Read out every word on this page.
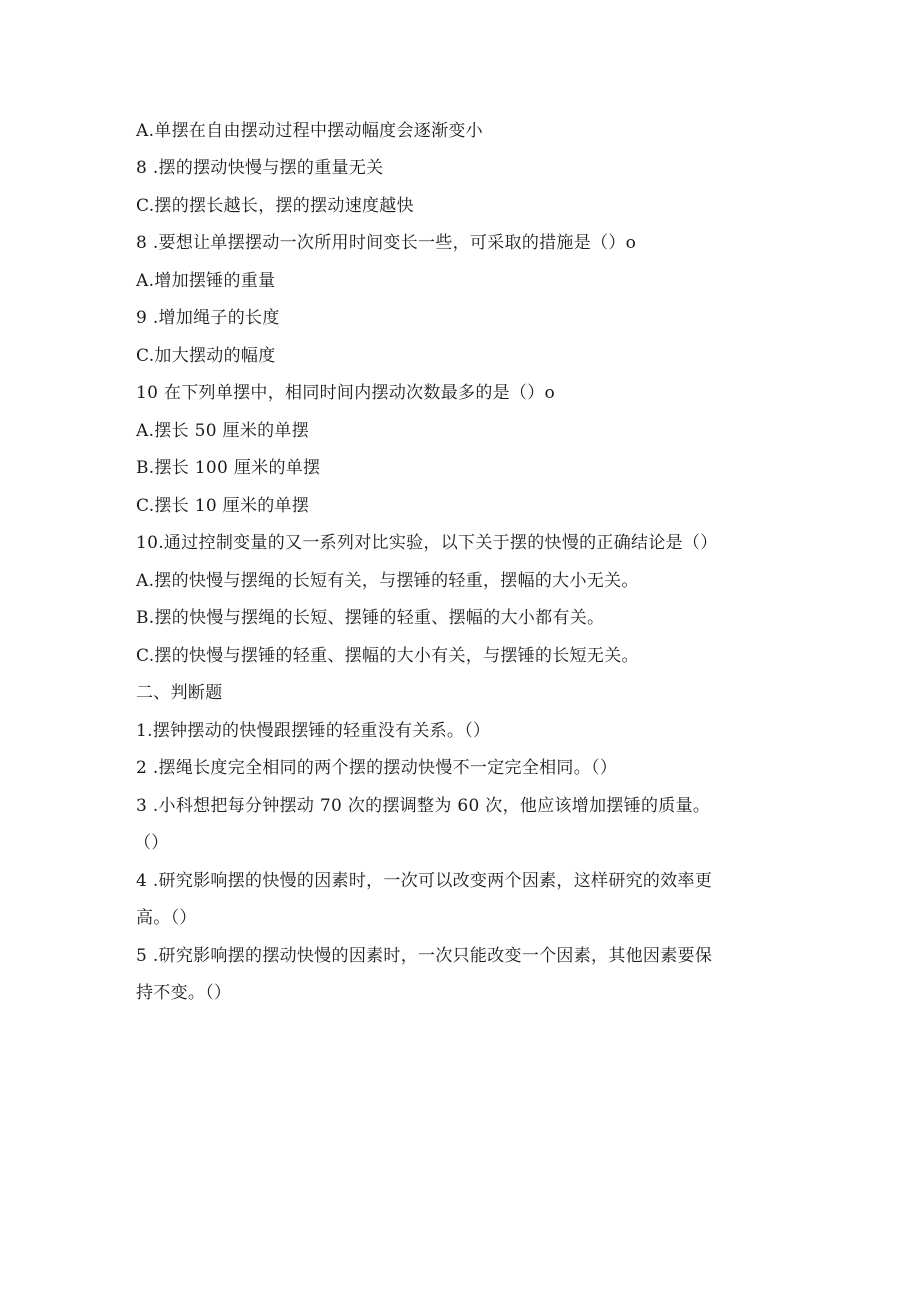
A.单摆在自由摆动过程中摆动幅度会逐渐变小
8 .摆的摆动快慢与摆的重量无关
C.摆的摆长越长，摆的摆动速度越快
8 .要想让单摆摆动一次所用时间变长一些，可采取的措施是（）o
A.增加摆锤的重量
9 .增加绳子的长度
C.加大摆动的幅度
10 在下列单摆中，相同时间内摆动次数最多的是（）o
A.摆长 50 厘米的单摆
B.摆长 100 厘米的单摆
C.摆长 10 厘米的单摆
10.通过控制变量的又一系列对比实验，以下关于摆的快慢的正确结论是（）
A.摆的快慢与摆绳的长短有关，与摆锤的轻重，摆幅的大小无关。
B.摆的快慢与摆绳的长短、摆锤的轻重、摆幅的大小都有关。
C.摆的快慢与摆锤的轻重、摆幅的大小有关，与摆锤的长短无关。
二、判断题
1.摆钟摆动的快慢跟摆锤的轻重没有关系。（）
2 .摆绳长度完全相同的两个摆的摆动快慢不一定完全相同。（）
3 .小科想把每分钟摆动 70 次的摆调整为 60 次，他应该增加摆锤的质量。
（）
4 .研究影响摆的快慢的因素时，一次可以改变两个因素，这样研究的效率更
高。（）
5 .研究影响摆的摆动快慢的因素时，一次只能改变一个因素，其他因素要保
持不变。（）
